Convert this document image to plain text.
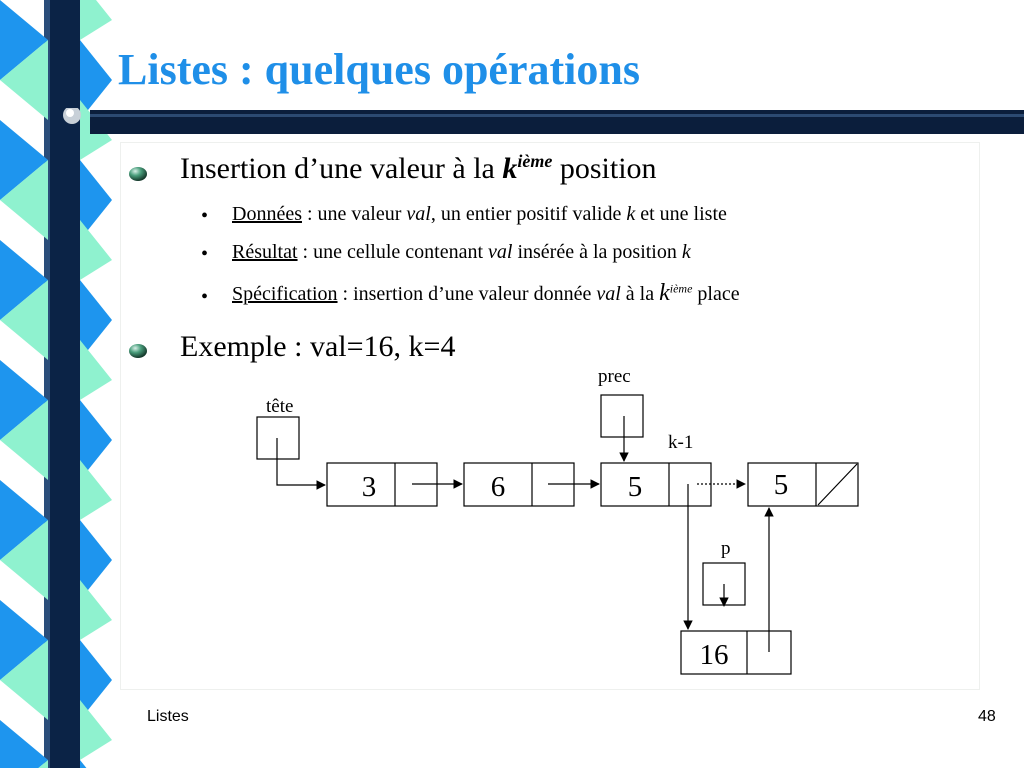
Listes : quelques opérations
Insertion d’une valeur à la $k^{ième}$ position
• Données : une valeur val, un entier positif valide k et une liste
• Résultat : une cellule contenant val insérée à la position k
• Spécification : insertion d’une valeur donnée val à la $k^{ième}$ place
Exemple : val=16, k=4
tête
prec
k-1
p
3	6	5	5
16
Listes	48
